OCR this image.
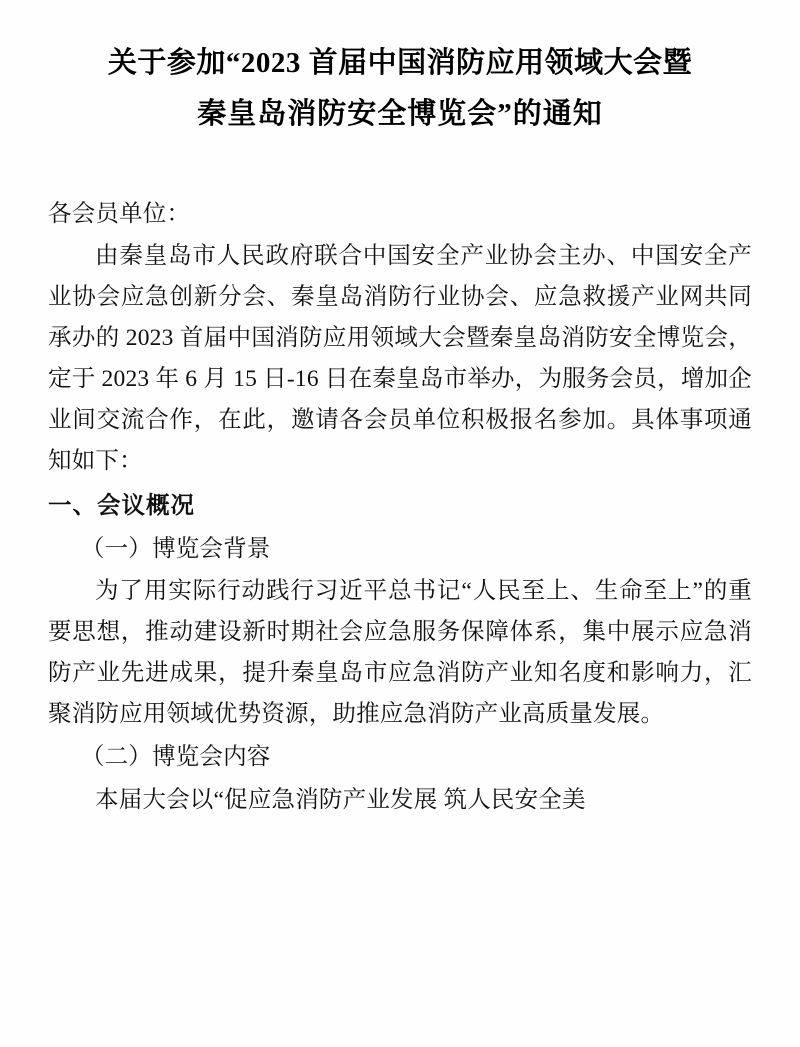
关于参加“2023 首届中国消防应用领域大会暨
秦皇岛消防安全博览会”的通知

各会员单位：

由秦皇岛市人民政府联合中国安全产业协会主办、中国安全产业协会应急创新分会、秦皇岛消防行业协会、应急救援产业网共同承办的 2023 首届中国消防应用领域大会暨秦皇岛消防安全博览会，定于 2023 年 6 月 15 日-16 日在秦皇岛市举办，为服务会员，增加企业间交流合作，在此，邀请各会员单位积极报名参加。具体事项通知如下：

一、会议概况

（一）博览会背景

为了用实际行动践行习近平总书记“人民至上、生命至上”的重要思想，推动建设新时期社会应急服务保障体系，集中展示应急消防产业先进成果，提升秦皇岛市应急消防产业知名度和影响力，汇聚消防应用领域优势资源，助推应急消防产业高质量发展。

（二）博览会内容

本届大会以“促应急消防产业发展 筑人民安全美
